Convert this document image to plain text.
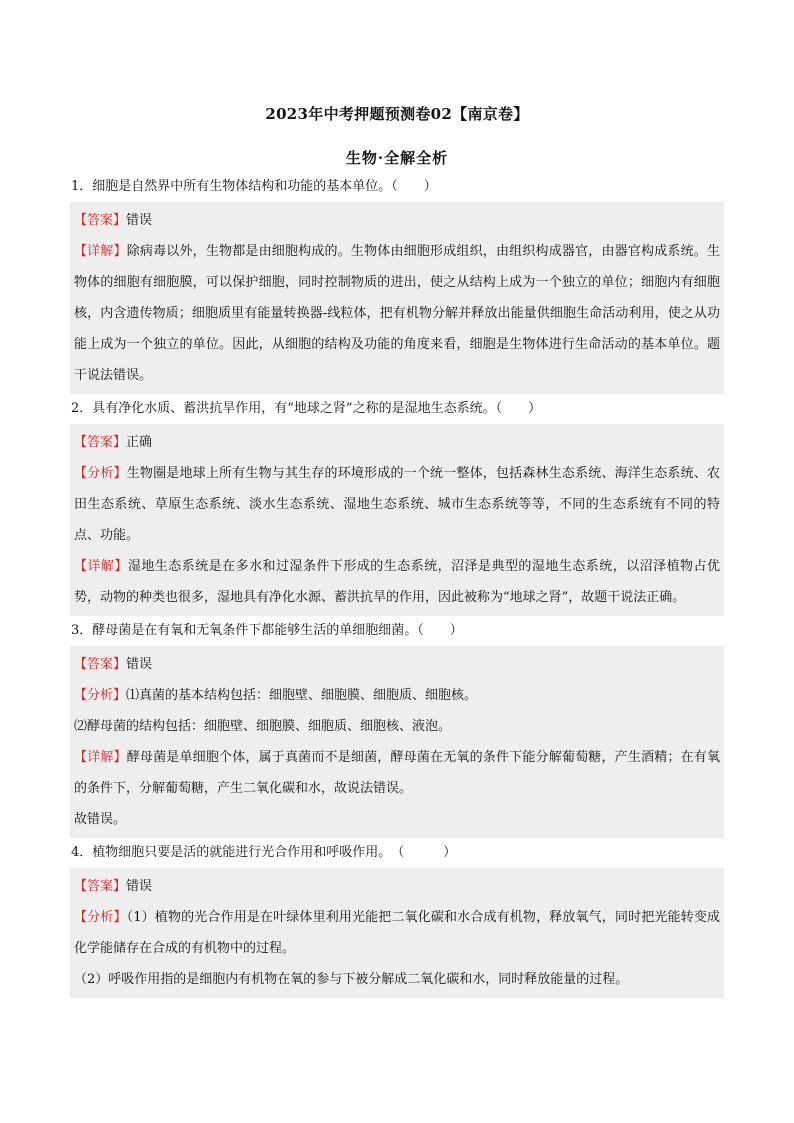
2023年中考押题预测卷02【南京卷】
生物·全解全析
1．细胞是自然界中所有生物体结构和功能的基本单位。（　　）
【答案】错误
【详解】除病毒以外，生物都是由细胞构成的。生物体由细胞形成组织，由组织构成器官，由器官构成系统。生物体的细胞有细胞膜，可以保护细胞，同时控制物质的进出，使之从结构上成为一个独立的单位；细胞内有细胞核，内含遗传物质；细胞质里有能量转换器-线粒体，把有机物分解并释放出能量供细胞生命活动利用，使之从功能上成为一个独立的单位。因此，从细胞的结构及功能的角度来看，细胞是生物体进行生命活动的基本单位。题干说法错误。
2．具有净化水质、蓄洪抗旱作用，有“地球之肾”之称的是湿地生态系统。（　　）
【答案】正确
【分析】生物圈是地球上所有生物与其生存的环境形成的一个统一整体，包括森林生态系统、海洋生态系统、农田生态系统、草原生态系统、淡水生态系统、湿地生态系统、城市生态系统等等，不同的生态系统有不同的特点、功能。
【详解】湿地生态系统是在多水和过湿条件下形成的生态系统，沼泽是典型的湿地生态系统，以沼泽植物占优势，动物的种类也很多，湿地具有净化水源、蓄洪抗旱的作用，因此被称为“地球之肾”，故题干说法正确。
3．酵母菌是在有氧和无氧条件下都能够生活的单细胞细菌。（　　）
【答案】错误
【分析】⑴真菌的基本结构包括：细胞壁、细胞膜、细胞质、细胞核。
⑵酵母菌的结构包括：细胞壁、细胞膜、细胞质、细胞核、液泡。
【详解】酵母菌是单细胞个体，属于真菌而不是细菌，酵母菌在无氧的条件下能分解葡萄糖，产生酒精；在有氧的条件下，分解葡萄糖，产生二氧化碳和水，故说法错误。
故错误。
4．植物细胞只要是活的就能进行光合作用和呼吸作用。　（　　　）
【答案】错误
【分析】（1）植物的光合作用是在叶绿体里利用光能把二氧化碳和水合成有机物，释放氧气，同时把光能转变成化学能储存在合成的有机物中的过程。
（2）呼吸作用指的是细胞内有机物在氧的参与下被分解成二氧化碳和水，同时释放能量的过程。
